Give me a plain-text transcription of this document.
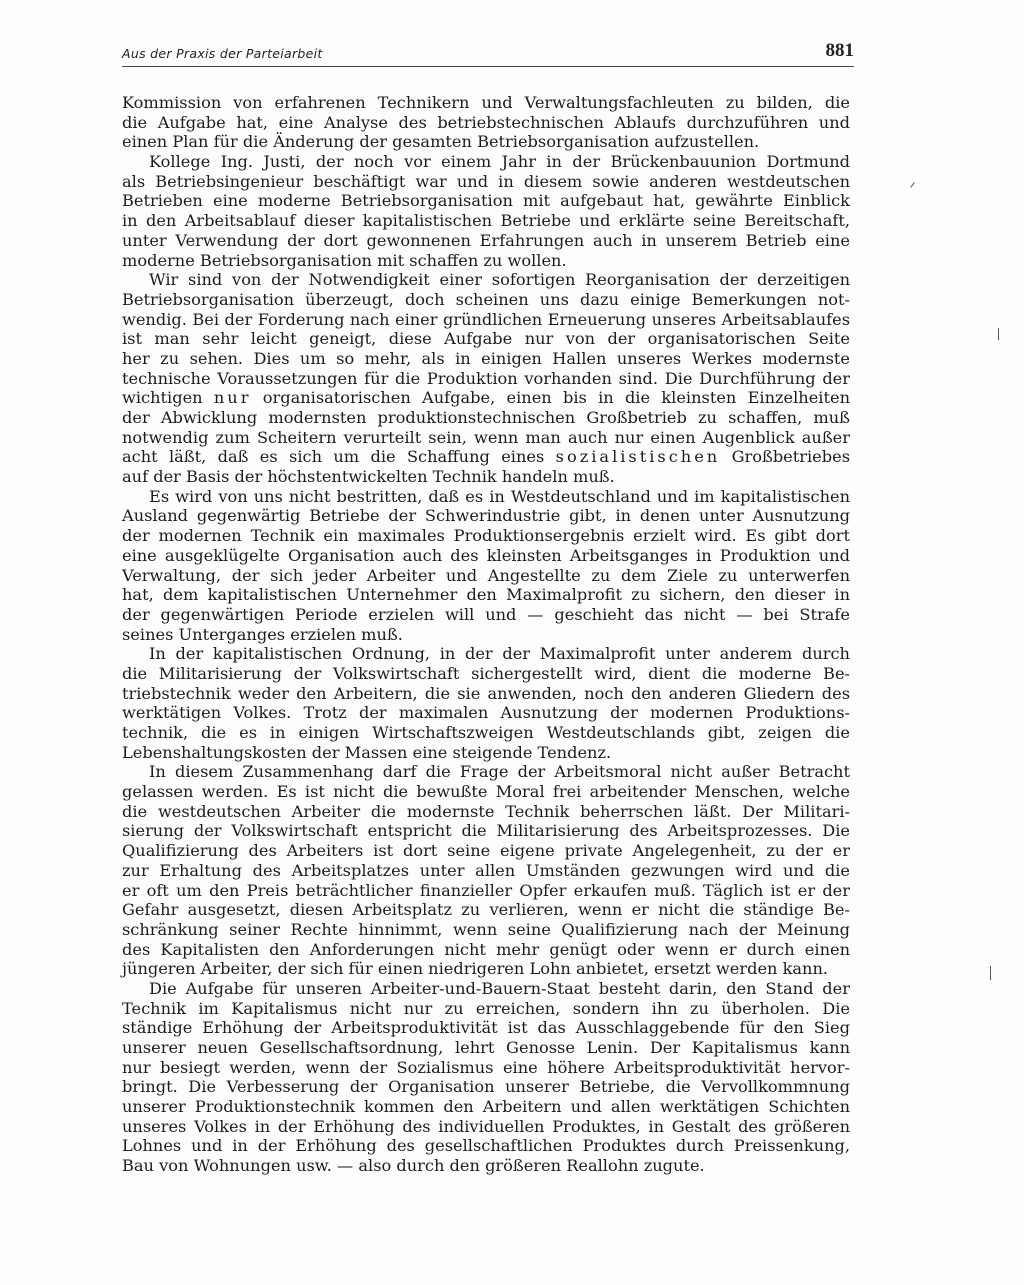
Aus der Praxis der Parteiarbeit	881
Kommission von erfahrenen Technikern und Verwaltungsfachleuten zu bilden, die
die Aufgabe hat, eine Analyse des betriebstechnischen Ablaufs durchzuführen und
einen Plan für die Änderung der gesamten Betriebsorganisation aufzustellen.
Kollege Ing. Justi, der noch vor einem Jahr in der Brückenbauunion Dortmund
als Betriebsingenieur beschäftigt war und in diesem sowie anderen westdeutschen
Betrieben eine moderne Betriebsorganisation mit aufgebaut hat, gewährte Einblick
in den Arbeitsablauf dieser kapitalistischen Betriebe und erklärte seine Bereitschaft,
unter Verwendung der dort gewonnenen Erfahrungen auch in unserem Betrieb eine
moderne Betriebsorganisation mit schaffen zu wollen.
Wir sind von der Notwendigkeit einer sofortigen Reorganisation der derzeitigen
Betriebsorganisation überzeugt, doch scheinen uns dazu einige Bemerkungen not-
wendig. Bei der Forderung nach einer gründlichen Erneuerung unseres Arbeitsablaufes
ist man sehr leicht geneigt, diese Aufgabe nur von der organisatorischen Seite
her zu sehen. Dies um so mehr, als in einigen Hallen unseres Werkes modernste
technische Voraussetzungen für die Produktion vorhanden sind. Die Durchführung der
wichtigen nur organisatorischen Aufgabe, einen bis in die kleinsten Einzelheiten
der Abwicklung modernsten produktionstechnischen Großbetrieb zu schaffen, muß
notwendig zum Scheitern verurteilt sein, wenn man auch nur einen Augenblick außer
acht läßt, daß es sich um die Schaffung eines sozialistischen Großbetriebes
auf der Basis der höchstentwickelten Technik handeln muß.
Es wird von uns nicht bestritten, daß es in Westdeutschland und im kapitalistischen
Ausland gegenwärtig Betriebe der Schwerindustrie gibt, in denen unter Ausnutzung
der modernen Technik ein maximales Produktionsergebnis erzielt wird. Es gibt dort
eine ausgeklügelte Organisation auch des kleinsten Arbeitsganges in Produktion und
Verwaltung, der sich jeder Arbeiter und Angestellte zu dem Ziele zu unterwerfen
hat, dem kapitalistischen Unternehmer den Maximalprofit zu sichern, den dieser in
der gegenwärtigen Periode erzielen will und — geschieht das nicht — bei Strafe
seines Unterganges erzielen muß.
In der kapitalistischen Ordnung, in der der Maximalprofit unter anderem durch
die Militarisierung der Volkswirtschaft sichergestellt wird, dient die moderne Be-
triebstechnik weder den Arbeitern, die sie anwenden, noch den anderen Gliedern des
werktätigen Volkes. Trotz der maximalen Ausnutzung der modernen Produktions-
technik, die es in einigen Wirtschaftszweigen Westdeutschlands gibt, zeigen die
Lebenshaltungskosten der Massen eine steigende Tendenz.
In diesem Zusammenhang darf die Frage der Arbeitsmoral nicht außer Betracht
gelassen werden. Es ist nicht die bewußte Moral frei arbeitender Menschen, welche
die westdeutschen Arbeiter die modernste Technik beherrschen läßt. Der Militari-
sierung der Volkswirtschaft entspricht die Militarisierung des Arbeitsprozesses. Die
Qualifizierung des Arbeiters ist dort seine eigene private Angelegenheit, zu der er
zur Erhaltung des Arbeitsplatzes unter allen Umständen gezwungen wird und die
er oft um den Preis beträchtlicher finanzieller Opfer erkaufen muß. Täglich ist er der
Gefahr ausgesetzt, diesen Arbeitsplatz zu verlieren, wenn er nicht die ständige Be-
schränkung seiner Rechte hinnimmt, wenn seine Qualifizierung nach der Meinung
des Kapitalisten den Anforderungen nicht mehr genügt oder wenn er durch einen
jüngeren Arbeiter, der sich für einen niedrigeren Lohn anbietet, ersetzt werden kann.
Die Aufgabe für unseren Arbeiter-und-Bauern-Staat besteht darin, den Stand der
Technik im Kapitalismus nicht nur zu erreichen, sondern ihn zu überholen. Die
ständige Erhöhung der Arbeitsproduktivität ist das Ausschlaggebende für den Sieg
unserer neuen Gesellschaftsordnung, lehrt Genosse Lenin. Der Kapitalismus kann
nur besiegt werden, wenn der Sozialismus eine höhere Arbeitsproduktivität hervor-
bringt. Die Verbesserung der Organisation unserer Betriebe, die Vervollkommnung
unserer Produktionstechnik kommen den Arbeitern und allen werktätigen Schichten
unseres Volkes in der Erhöhung des individuellen Produktes, in Gestalt des größeren
Lohnes und in der Erhöhung des gesellschaftlichen Produktes durch Preissenkung,
Bau von Wohnungen usw. — also durch den größeren Reallohn zugute.
